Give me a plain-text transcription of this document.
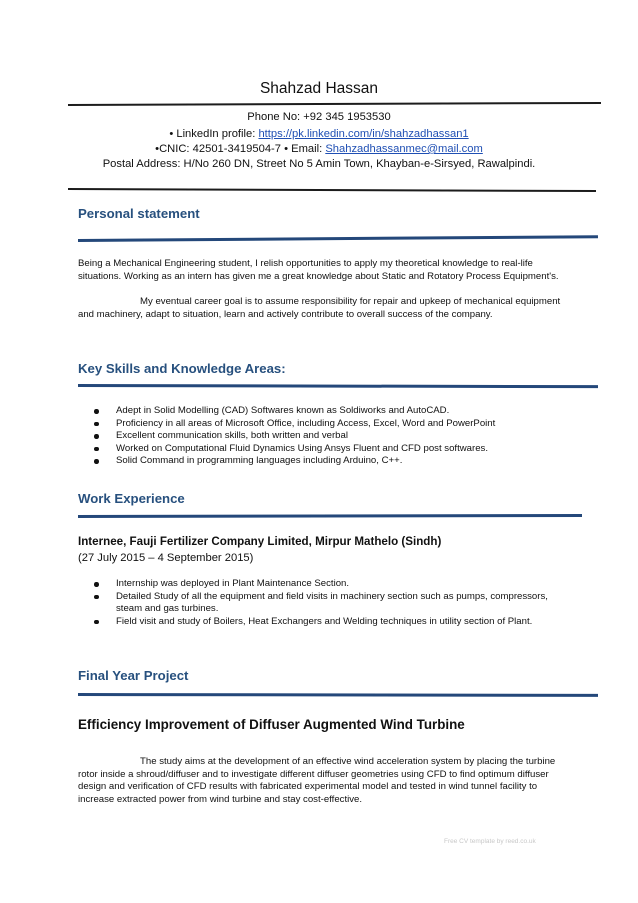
Shahzad Hassan
Phone No: +92 345 1953530
• LinkedIn profile: https://pk.linkedin.com/in/shahzadhassan1
•CNIC: 42501-3419504-7 • Email: Shahzadhassanmec@mail.com
Postal Address: H/No 260 DN, Street No 5 Amin Town, Khayban-e-Sirsyed, Rawalpindi.
Personal statement
Being a Mechanical Engineering student, I relish opportunities to apply my theoretical knowledge to real-life situations. Working as an intern has given me a great knowledge about Static and Rotatory Process Equipment's.
My eventual career goal is to assume responsibility for repair and upkeep of mechanical equipment and machinery, adapt to situation, learn and actively contribute to overall success of the company.
Key Skills and Knowledge Areas:
Adept in Solid Modelling (CAD) Softwares known as Soldiworks and AutoCAD.
Proficiency in all areas of Microsoft Office, including Access, Excel, Word and PowerPoint
Excellent communication skills, both written and verbal
Worked on Computational Fluid Dynamics Using Ansys Fluent and CFD post softwares.
Solid Command in programming languages including Arduino, C++.
Work Experience
Internee, Fauji Fertilizer Company Limited, Mirpur Mathelo (Sindh)
(27 July 2015 – 4 September 2015)
Internship was deployed in Plant Maintenance Section.
Detailed Study of all the equipment and field visits in machinery section such as pumps, compressors, steam and gas turbines.
Field visit and study of Boilers, Heat Exchangers and Welding techniques in utility section of Plant.
Final Year Project
Efficiency Improvement of Diffuser Augmented Wind Turbine
The study aims at the development of an effective wind acceleration system by placing the turbine rotor inside a shroud/diffuser and to investigate different diffuser geometries using CFD to find optimum diffuser design and verification of CFD results with fabricated experimental model and tested in wind tunnel facility to increase extracted power from wind turbine and stay cost-effective.
Free CV template by reed.co.uk
